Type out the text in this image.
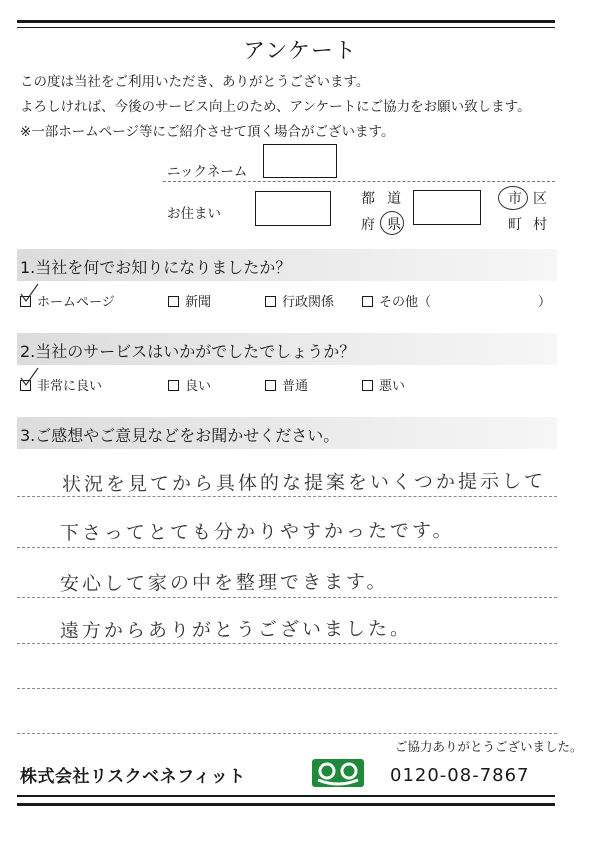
アンケート
この度は当社をご利用いただき、ありがとうございます。
よろしければ、今後のサービス向上のため、アンケートにご協力をお願い致します。
※一部ホームページ等にご紹介させて頂く場合がございます。
ニックネーム
お住まい
都 道
府 県
市 区
町 村
1.当社を何でお知りになりましたか？
ホームページ	新聞	行政関係	その他（	）
2.当社のサービスはいかがでしたでしょうか？
非常に良い	良い	普通	悪い
3.ご感想やご意見などをお聞かせください。
状況を見てから具体的な提案をいくつか提示して
下さってとても分かりやすかったです。
安心して家の中を整理できます。
遠方からありがとうございました。
ご協力ありがとうございました。
株式会社リスクベネフィット	0120-08-7867
